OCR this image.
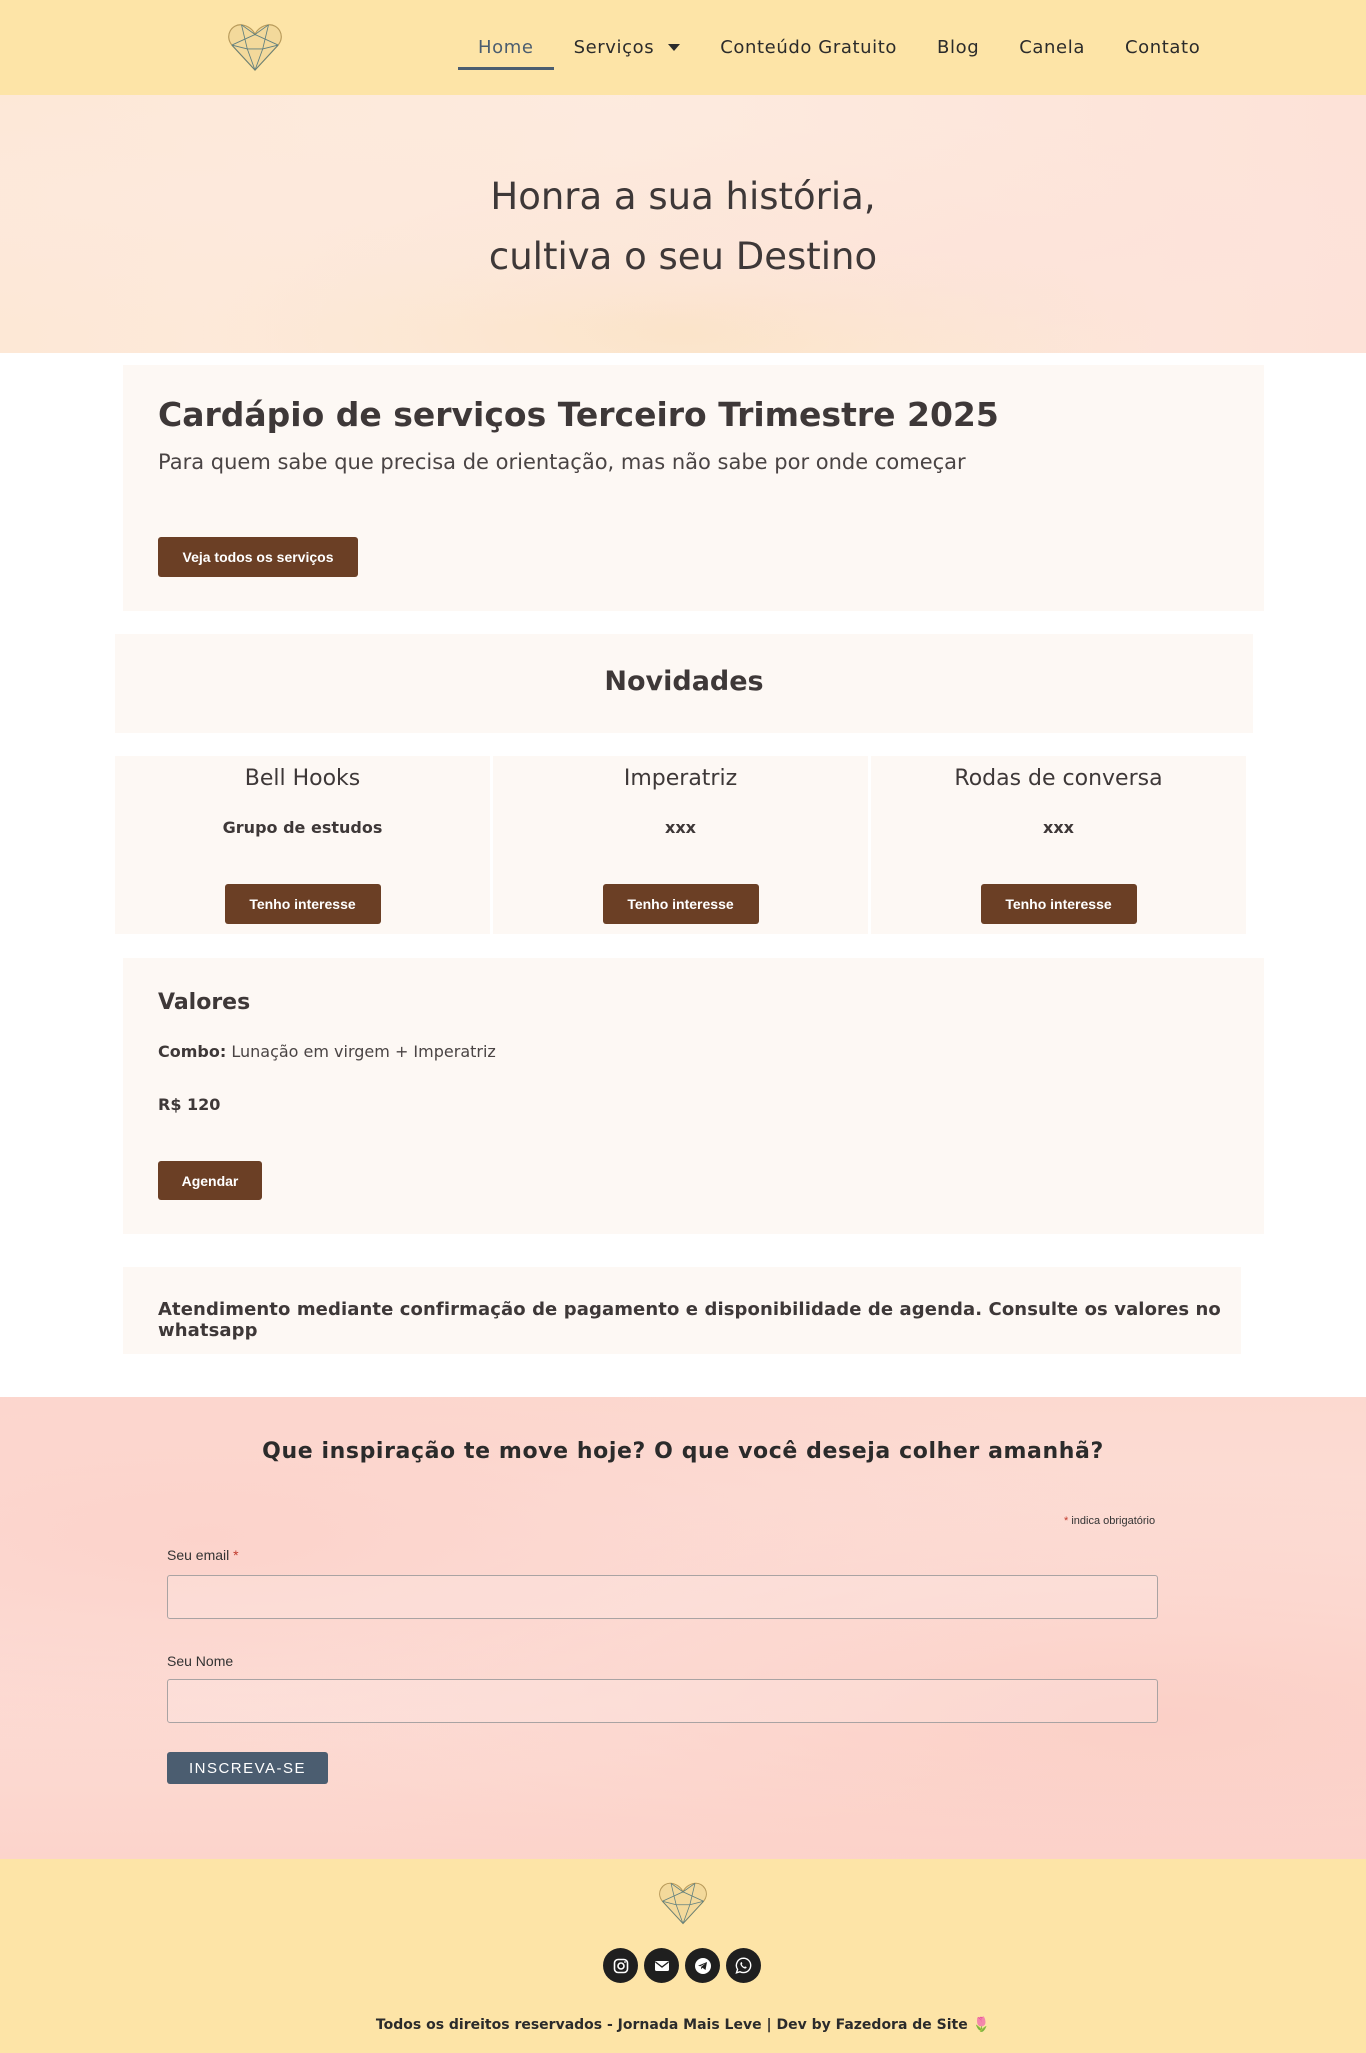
Home Serviços	Conteúdo Gratuito Blog Canela Contato
Honra a sua história,
cultiva o seu Destino
Cardápio de serviços Terceiro Trimestre 2025

Para quem sabe que precisa de orientação, mas não sabe por onde começar

Veja todos os serviços
Novidades
Bell Hooks
Grupo de estudos
Tenho interesse
Imperatriz
xxx
Tenho interesse
Rodas de conversa
xxx
Tenho interesse
Valores

Combo: Lunação em virgem + Imperatriz

R$ 120

Agendar

Atendimento mediante confirmação de pagamento e disponibilidade de agenda. Consulte os valores no whatsapp

Que inspiração te move hoje? O que você deseja colher amanhã?
* indica obrigatório
Seu email *
Seu Nome
INSCREVA-SE

Todos os direitos reservados - Jornada Mais Leve | Dev by Fazedora de Site 🌷
